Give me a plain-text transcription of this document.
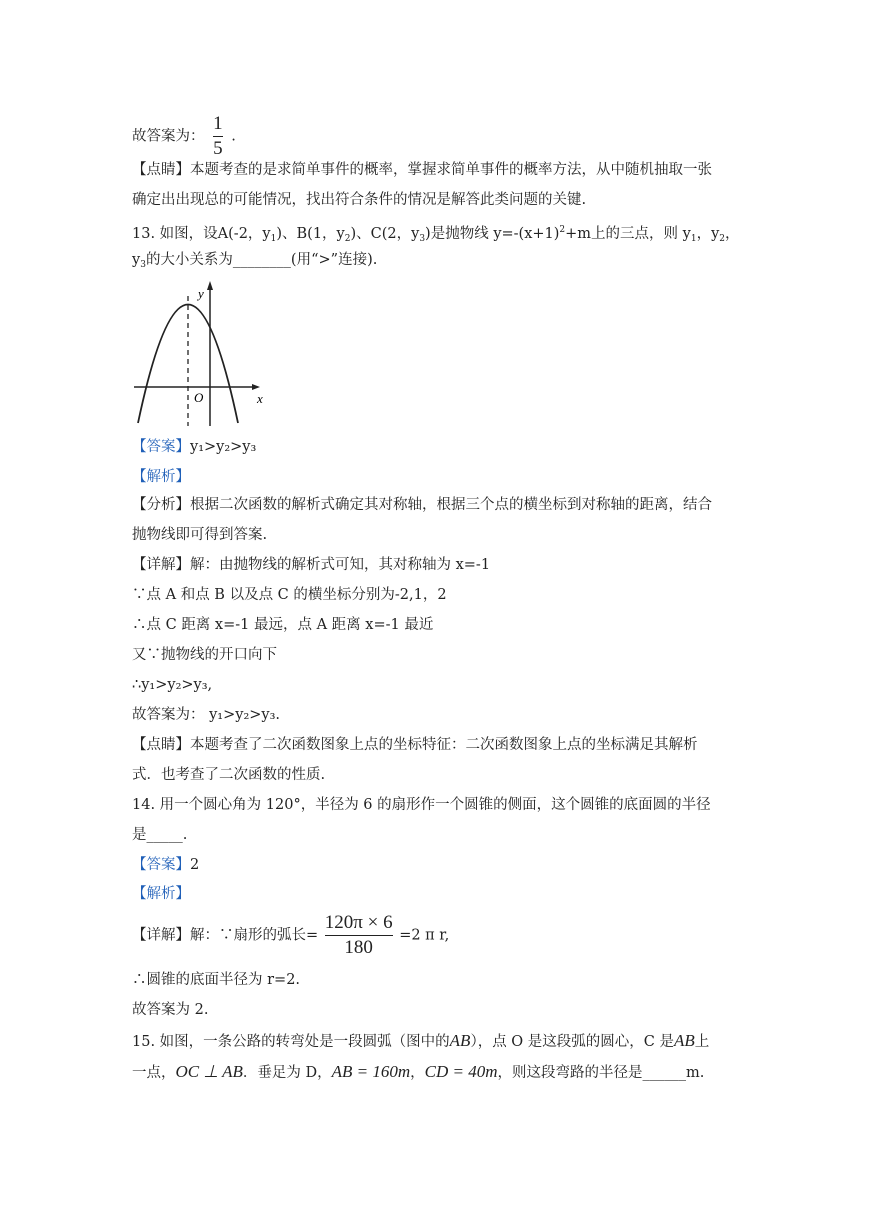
故答案为： $\frac{1}{5}$ .
【点睛】本题考查的是求简单事件的概率，掌握求简单事件的概率方法，从中随机抽取一张
确定出出现总的可能情况，找出符合条件的情况是解答此类问题的关键.
13. 如图，设A(-2，$y_1$)、B(1，$y_2$)、C(2，$y_3$)是抛物线 $y=-(x+1)^2+m$上的三点，则 $y_1$，$y_2$，
$y_3$的大小关系为________(用“>”连接).
y
x
O
【答案】y₁>y₂>y₃
【解析】
【分析】根据二次函数的解析式确定其对称轴，根据三个点的横坐标到对称轴的距离，结合
抛物线即可得到答案.
【详解】解：由抛物线的解析式可知，其对称轴为 x=-1
∵点 A 和点 B 以及点 C 的横坐标分别为-2,1，2
∴点 C 距离 x=-1 最远，点 A 距离 x=-1 最近
又∵抛物线的开口向下
∴y₁>y₂>y₃,
故答案为： y₁>y₂>y₃.
【点睛】本题考查了二次函数图象上点的坐标特征：二次函数图象上点的坐标满足其解析
式．也考查了二次函数的性质.
14. 用一个圆心角为 120°，半径为 6 的扇形作一个圆锥的侧面，这个圆锥的底面圆的半径
是_____.
【答案】2
【解析】
【详解】解：∵扇形的弧长= $\frac{120\pi \times 6}{180} =2$ π r,
∴圆锥的底面半径为 r=2.
故答案为 2.
15. 如图，一条公路的转弯处是一段圆弧（图中的AB），点 O 是这段弧的圆心，C 是AB上
一点，OC ⊥ AB．垂足为 D，AB = 160m，CD = 40m，则这段弯路的半径是______m.
